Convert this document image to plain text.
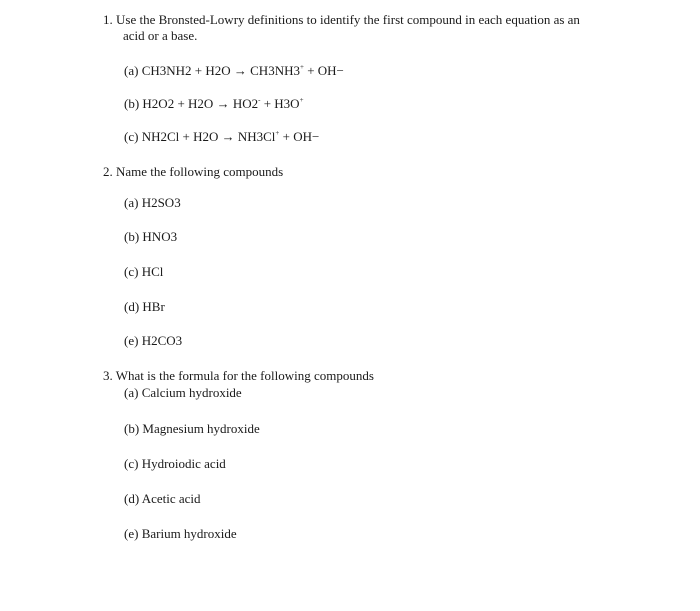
1. Use the Bronsted-Lowry definitions to identify the first compound in each equation as an
acid or a base.
(a) CH3NH2 + H2O → CH3NH3+ + OH−
(b) H2O2 + H2O → HO2- + H3O+
(c) NH2Cl + H2O → NH3Cl+ + OH−
2. Name the following compounds
(a) H2SO3
(b) HNO3
(c) HCl
(d) HBr
(e) H2CO3
3. What is the formula for the following compounds
(a) Calcium hydroxide
(b) Magnesium hydroxide
(c) Hydroiodic acid
(d) Acetic acid
(e) Barium hydroxide
